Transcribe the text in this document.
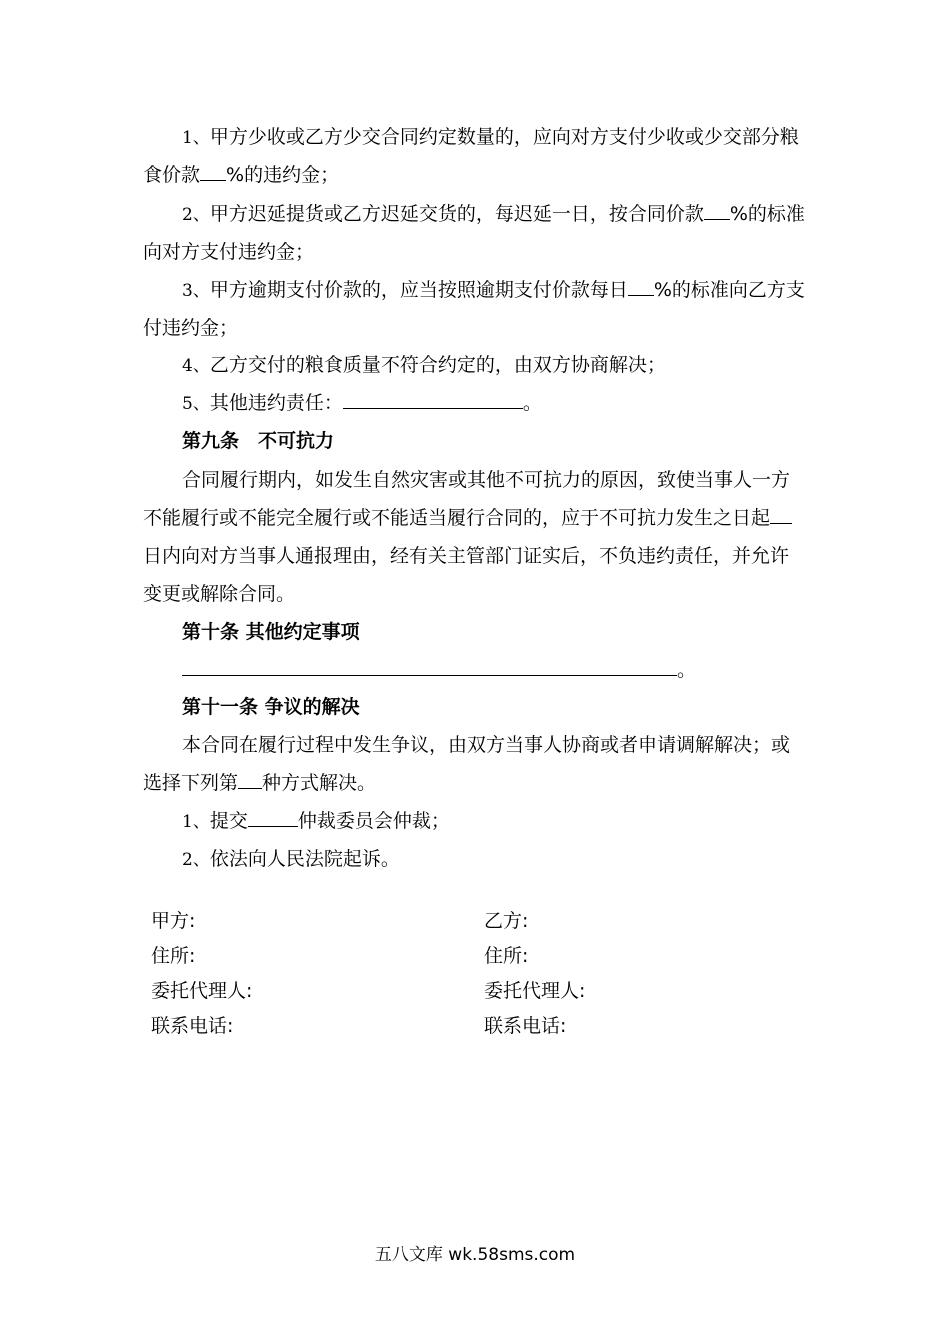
1、甲方少收或乙方少交合同约定数量的，应向对方支付少收或少交部分粮
食价款 %的违约金；
2、甲方迟延提货或乙方迟延交货的，每迟延一日，按合同价款 %的标准
向对方支付违约金；
3、甲方逾期支付价款的，应当按照逾期支付价款每日 %的标准向乙方支
付违约金；
4、乙方交付的粮食质量不符合约定的，由双方协商解决；
5、其他违约责任：	。
第九条　不可抗力
合同履行期内，如发生自然灾害或其他不可抗力的原因，致使当事人一方
不能履行或不能完全履行或不能适当履行合同的，应于不可抗力发生之日起
日内向对方当事人通报理由，经有关主管部门证实后，不负违约责任，并允许
变更或解除合同。
第十条 其他约定事项
。
第十一条 争议的解决
本合同在履行过程中发生争议，由双方当事人协商或者申请调解解决；或
选择下列第 种方式解决。
1、提交	仲裁委员会仲裁；
2、依法向人民法院起诉。
甲方:
住所:
委托代理人:
联系电话:
乙方:
住所:
委托代理人:
联系电话:
五八文库 wk.58sms.com
